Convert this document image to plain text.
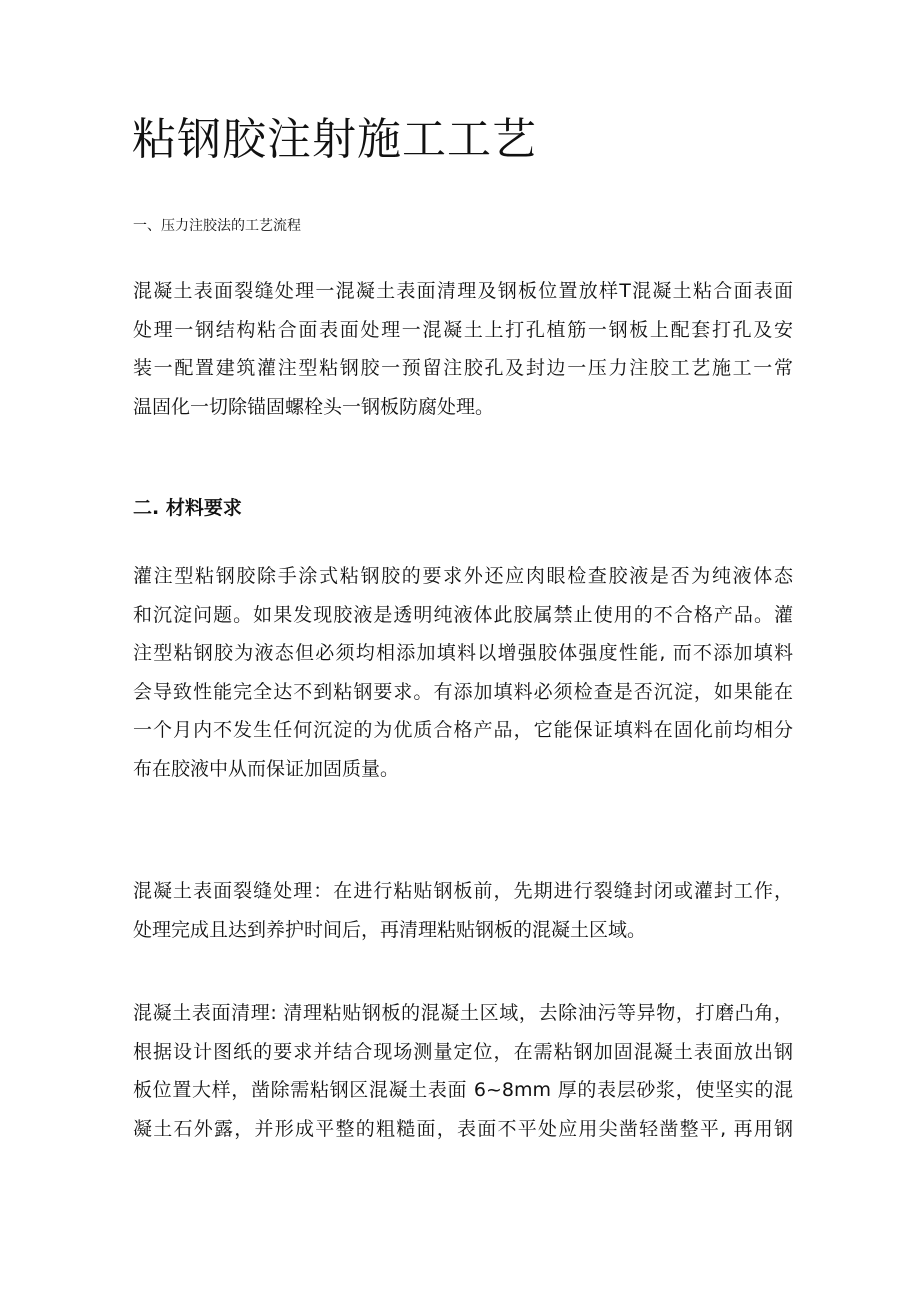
粘钢胶注射施工工艺

一、压力注胶法的工艺流程

混凝土表面裂缝处理一混凝土表面清理及钢板位置放样T混凝土粘合面表面
处理一钢结构粘合面表面处理一混凝土上打孔植筋一钢板上配套打孔及安
装一配置建筑灌注型粘钢胶一预留注胶孔及封边一压力注胶工艺施工一常
温固化一切除锚固螺栓头一钢板防腐处理。

二. 材料要求

灌注型粘钢胶除手涂式粘钢胶的要求外还应肉眼检查胶液是否为纯液体态
和沉淀问题。如果发现胶液是透明纯液体此胶属禁止使用的不合格产品。灌
注型粘钢胶为液态但必须均相添加填料以增强胶体强度性能, 而不添加填料
会导致性能完全达不到粘钢要求。有添加填料必须检查是否沉淀，如果能在
一个月内不发生任何沉淀的为优质合格产品，它能保证填料在固化前均相分
布在胶液中从而保证加固质量。
混凝土表面裂缝处理：在进行粘贴钢板前，先期进行裂缝封闭或灌封工作，
处理完成且达到养护时间后，再清理粘贴钢板的混凝土区域。
混凝土表面清理: 清理粘贴钢板的混凝土区域，去除油污等异物，打磨凸角，
根据设计图纸的要求并结合现场测量定位，在需粘钢加固混凝土表面放出钢
板位置大样，凿除需粘钢区混凝土表面 6~8mm 厚的表层砂浆，使坚实的混
凝土石外露，并形成平整的粗糙面，表面不平处应用尖凿轻凿整平, 再用钢
